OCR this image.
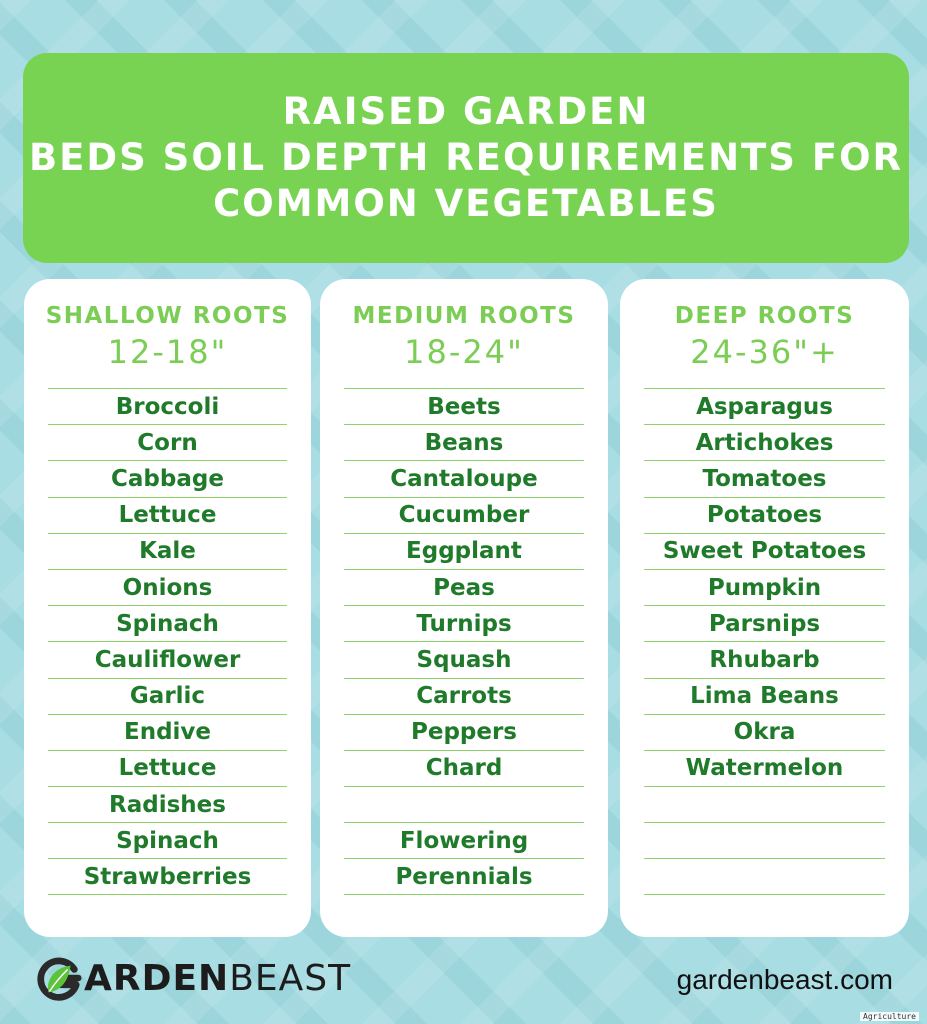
RAISED GARDEN
BEDS SOIL DEPTH REQUIREMENTS FOR
COMMON VEGETABLES
SHALLOW ROOTS
12-18"
Broccoli
Corn
Cabbage
Lettuce
Kale
Onions
Spinach
Cauliflower
Garlic
Endive
Lettuce
Radishes
Spinach
Strawberries
MEDIUM ROOTS
18-24"
Beets
Beans
Cantaloupe
Cucumber
Eggplant
Peas
Turnips
Squash
Carrots
Peppers
Chard
Flowering
Perennials
DEEP ROOTS
24-36"+
Asparagus
Artichokes
Tomatoes
Potatoes
Sweet Potatoes
Pumpkin
Parsnips
Rhubarb
Lima Beans
Okra
Watermelon
ARDEN BEAST	gardenbeast.com
Agriculture
